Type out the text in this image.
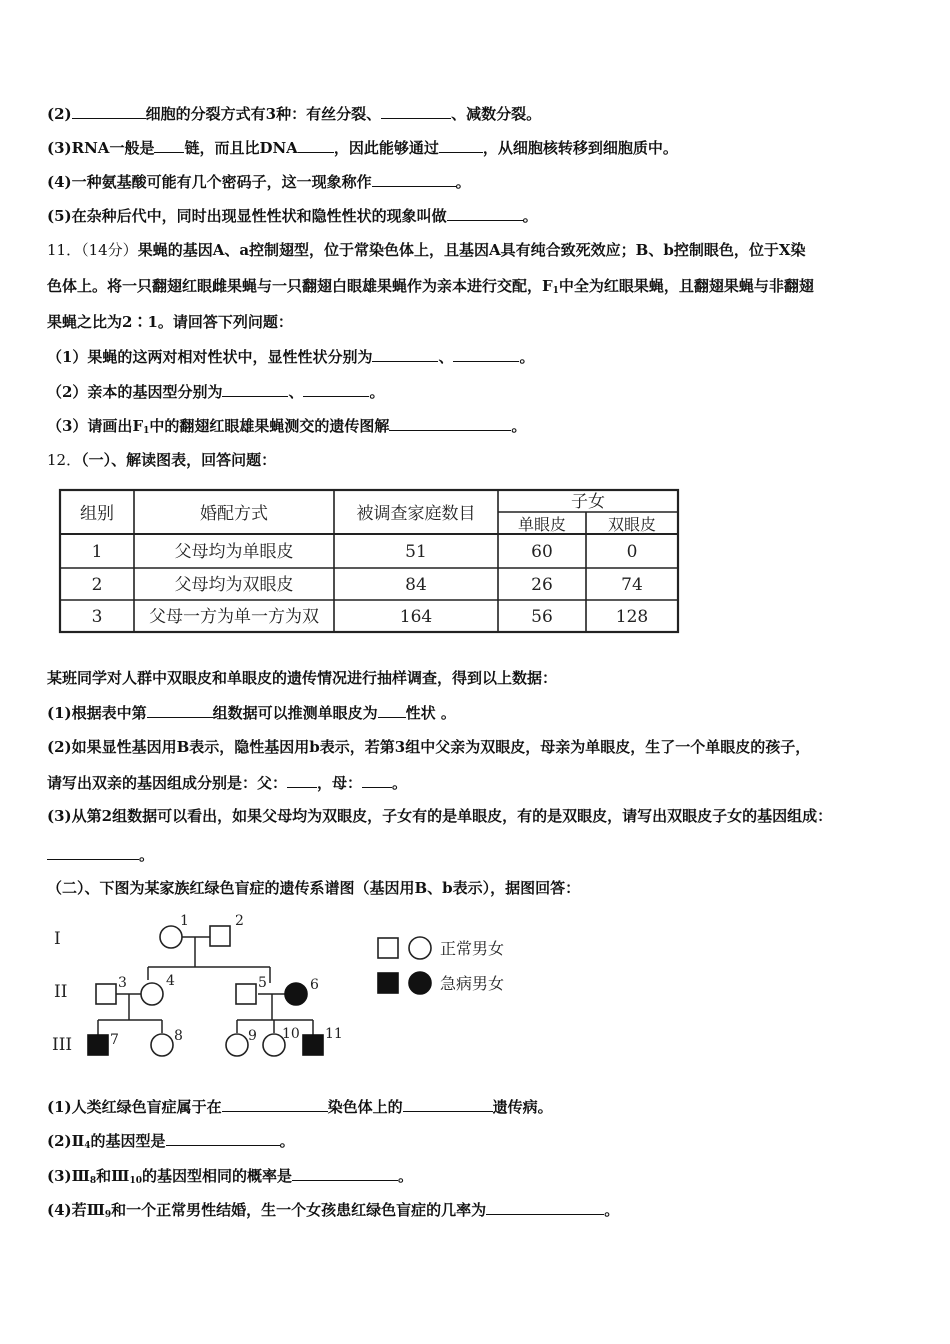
(2)	细胞的分裂方式有3种：有丝分裂、	、减数分裂。
(3)RNA一般是 链，而且比DNA ，因此能够通过	，从细胞核转移到细胞质中。
(4)一种氨基酸可能有几个密码子，这一现象称作	。
(5)在杂种后代中，同时出现显性性状和隐性性状的现象叫做	。
11．（14分）果蝇的基因A、a控制翅型，位于常染色体上，且基因A具有纯合致死效应；B、b控制眼色，位于X染
色体上。将一只翻翅红眼雌果蝇与一只翻翅白眼雄果蝇作为亲本进行交配，$F_1$中全为红眼果蝇，且翻翅果蝇与非翻翅
果蝇之比为2∶1。请回答下列问题：
（1）果蝇的这两对相对性状中，显性性状分别为	、	。
（2）亲本的基因型分别为	、	。
（3）请画出$F_1$中的翻翅红眼雄果蝇测交的遗传图解	。
12．（一）、解读图表，回答问题：
组别	婚配方式	被调查家庭数目
子女
单眼皮	双眼皮
1	父母均为单眼皮	51	60	0
2	父母均为双眼皮	84	26	74
3	父母一方为单一方为双	164	56	128
某班同学对人群中双眼皮和单眼皮的遗传情况进行抽样调查，得到以上数据：
(1)根据表中第	组数据可以推测单眼皮为 性状 。
(2)如果显性基因用B表示，隐性基因用b表示，若第3组中父亲为双眼皮，母亲为单眼皮，生了一个单眼皮的孩子，
请写出双亲的基因组成分别是：父： ，母： 。
(3)从第2组数据可以看出，如果父母均为双眼皮，子女有的是单眼皮，有的是双眼皮，请写出双眼皮子女的基因组成：
。
（二）、下图为某家族红绿色盲症的遗传系谱图（基因用B、b表示），据图回答：
I
II
III
1	2
3	4	5	6
7	8	9 10 11
正常男女
急病男女
(1)人类红绿色盲症属于在	染色体上的	遗传病。
$(2)Ⅱ_4$的基因型是	。
$(3)Ⅲ_8$和$Ⅲ_{10}$的基因型相同的概率是	。
(4)若$Ⅲ_9$和一个正常男性结婚，生一个女孩患红绿色盲症的几率为	。
